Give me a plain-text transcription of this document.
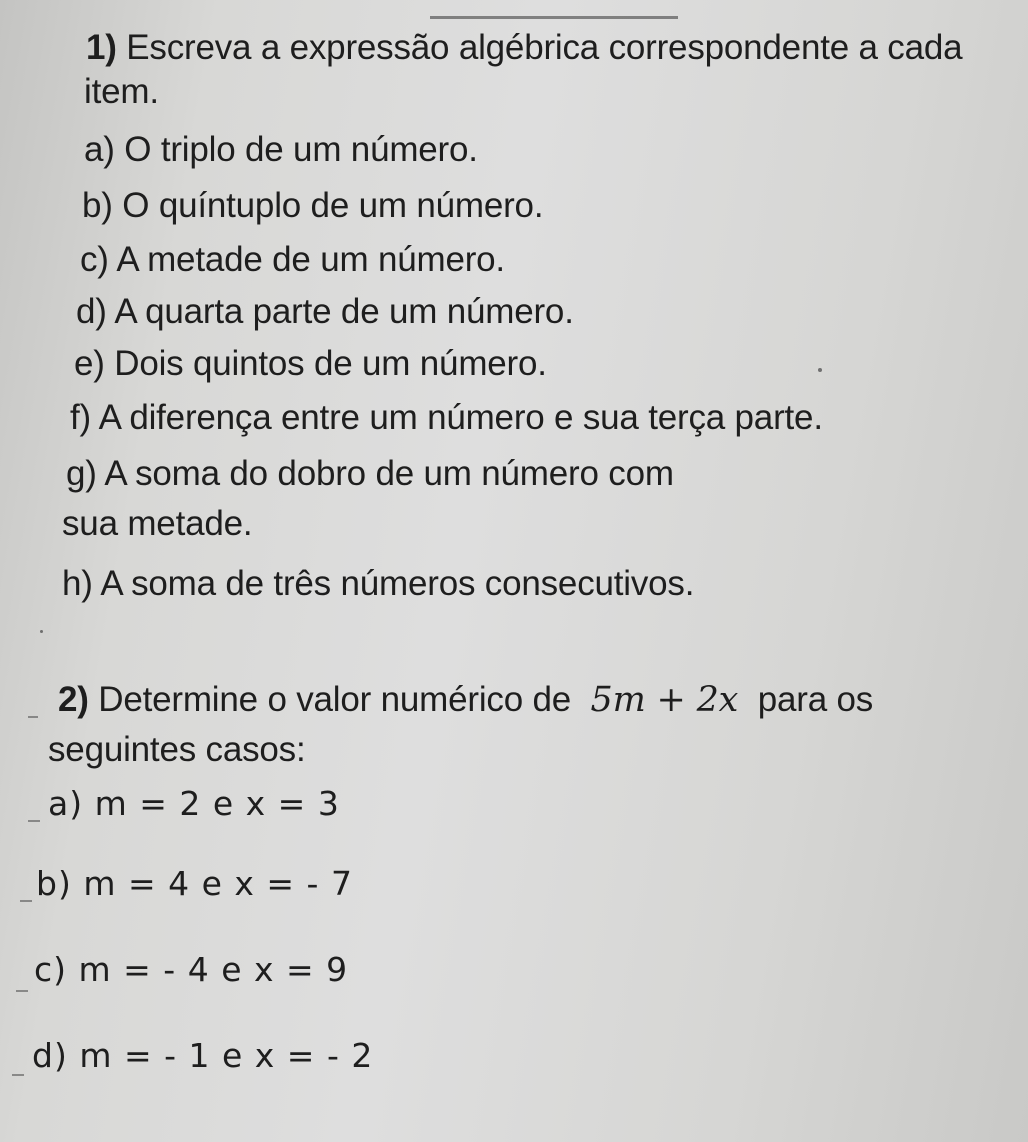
1) Escreva a expressão algébrica correspondente a cada
item.
a) O triplo de um número.
b) O quíntuplo de um número.
c) A metade de um número.
d) A quarta parte de um número.
e) Dois quintos de um número.
f) A diferença entre um número e sua terça parte.
g) A soma do dobro de um número com
sua metade.
h) A soma de três números consecutivos.
2) Determine o valor numérico de 5m + 2x para os
seguintes casos:
a) m = 2 e x = 3
b) m = 4 e x = - 7
c) m = - 4 e x = 9
d) m = - 1 e x = - 2
